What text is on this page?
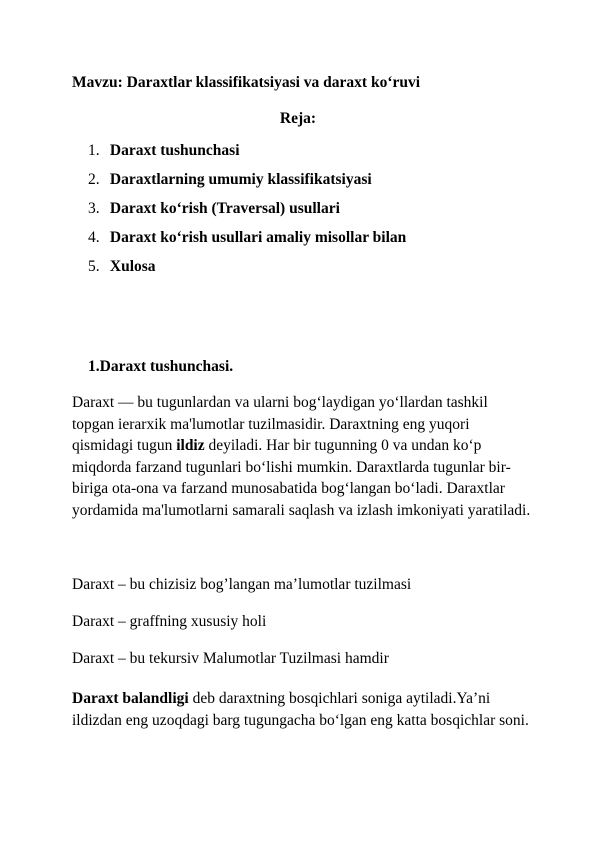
Mavzu: Daraxtlar klassifikatsiyasi va daraxt ko‘ruvi
Reja:
1. Daraxt tushunchasi
2. Daraxtlarning umumiy klassifikatsiyasi
3. Daraxt ko‘rish (Traversal) usullari
4. Daraxt ko‘rish usullari amaliy misollar bilan
5. Xulosa
1.Daraxt tushunchasi.

Daraxt — bu tugunlardan va ularni bog‘laydigan yo‘llardan tashkil topgan ierarxik ma'lumotlar tuzilmasidir. Daraxtning eng yuqori qismidagi tugun ildiz deyiladi. Har bir tugunning 0 va undan ko‘p miqdorda farzand tugunlari bo‘lishi mumkin. Daraxtlarda tugunlar bir-biriga ota-ona va farzand munosabatida bog‘langan bo‘ladi. Daraxtlar yordamida ma'lumotlarni samarali saqlash va izlash imkoniyati yaratiladi.

Daraxt – bu chizisiz bog’langan ma’lumotlar tuzilmasi

Daraxt – graffning xususiy holi

Daraxt – bu tekursiv Malumotlar Tuzilmasi hamdir

Daraxt balandligi deb daraxtning bosqichlari soniga aytiladi.Ya’ni ildizdan eng uzoqdagi barg tugungacha bo‘lgan eng katta bosqichlar soni.
